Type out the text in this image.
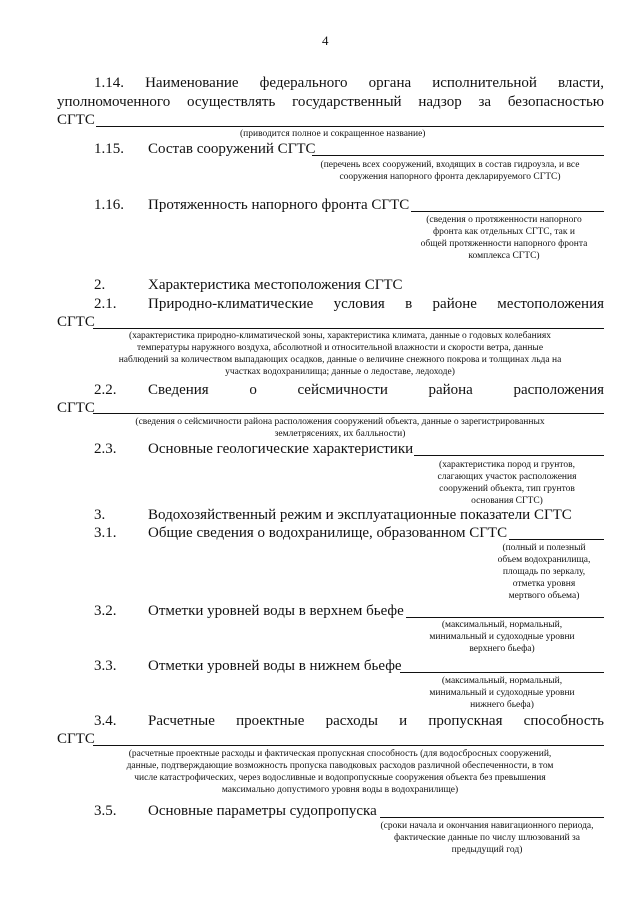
4
1.14. Наименование федерального органа исполнительной власти,
уполномоченного осуществлять государственный надзор за безопасностью
СГТС
(приводится полное и сокращенное название)
1.15. Состав сооружений СГТС
(перечень всех сооружений, входящих в состав гидроузла, и все
сооружения напорного фронта декларируемого СГТС)
1.16. Протяженность напорного фронта СГТС
(сведения о протяженности напорного
фронта как отдельных СГТС, так и
общей протяженности напорного фронта
комплекса СГТС)
2.	Характеристика местоположения СГТС
2.1. Природно-климатические условия в районе местоположения
СГТС
(характеристика природно-климатической зоны, характеристика климата, данные о годовых колебаниях
температуры наружного воздуха, абсолютной и относительной влажности и скорости ветра, данные
наблюдений за количеством выпадающих осадков, данные о величине снежного покрова и толщинах льда на
участках водохранилища; данные о ледоставе, ледоходе)
2.2. Сведения о сейсмичности района расположения
СГТС
(сведения о сейсмичности района расположения сооружений объекта, данные о зарегистрированных
землетрясениях, их балльности)
2.3. Основные геологические характеристики
(характеристика пород и грунтов,
слагающих участок расположения
сооружений объекта, тип грунтов
основания СГТС)
3.	Водохозяйственный режим и эксплуатационные показатели СГТС
3.1. Общие сведения о водохранилище, образованном СГТС
(полный и полезный
объем водохранилища,
площадь по зеркалу,
отметка уровня
мертвого объема)
3.2. Отметки уровней воды в верхнем бьефе
(максимальный, нормальный,
минимальный и судоходные уровни
верхнего бьефа)
3.3. Отметки уровней воды в нижнем бьефе
(максимальный, нормальный,
минимальный и судоходные уровни
нижнего бьефа)
3.4. Расчетные проектные расходы и пропускная способность
СГТС
(расчетные проектные расходы и фактическая пропускная способность (для водосбросных сооружений,
данные, подтверждающие возможность пропуска паводковых расходов различной обеспеченности, в том
числе катастрофических, через водосливные и водопропускные сооружения объекта без превышения
максимально допустимого уровня воды в водохранилище)
3.5. Основные параметры судопропуска
(сроки начала и окончания навигационного периода,
фактические данные по числу шлюзований за
предыдущий год)
